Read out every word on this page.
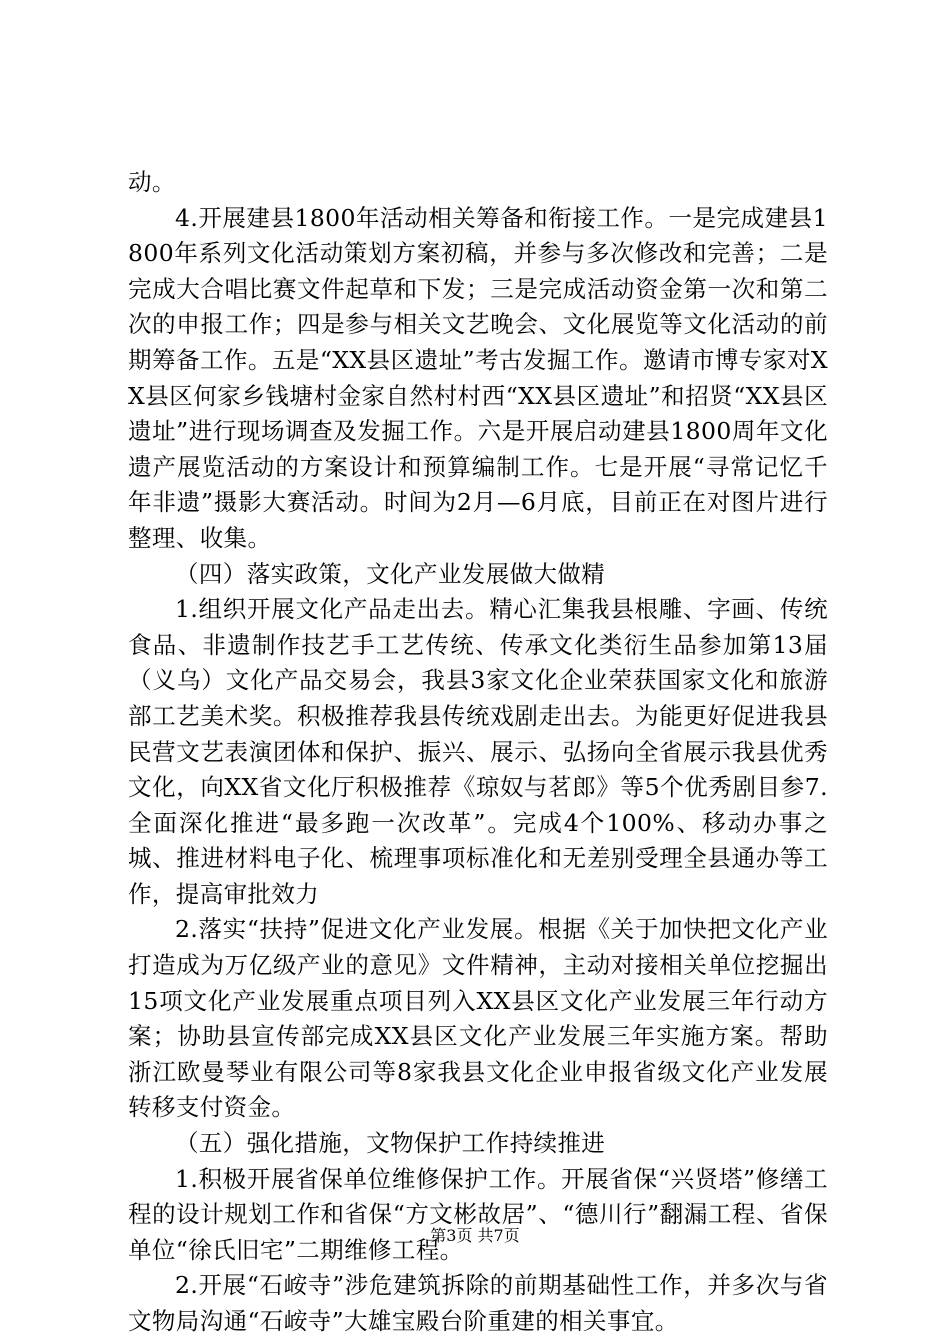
动。

4.开展建县1800年活动相关筹备和衔接工作。一是完成建县1800年系列文化活动策划方案初稿，并参与多次修改和完善；二是完成大合唱比赛文件起草和下发；三是完成活动资金第一次和第二次的申报工作；四是参与相关文艺晚会、文化展览等文化活动的前期筹备工作。五是“XX县区遗址”考古发掘工作。邀请市博专家对XX县区何家乡钱塘村金家自然村村西“XX县区遗址”和招贤“XX县区遗址”进行现场调查及发掘工作。六是开展启动建县1800周年文化遗产展览活动的方案设计和预算编制工作。七是开展“寻常记忆千年非遗”摄影大赛活动。时间为2月—6月底，目前正在对图片进行整理、收集。

（四）落实政策，文化产业发展做大做精

1.组织开展文化产品走出去。精心汇集我县根雕、字画、传统食品、非遗制作技艺手工艺传统、传承文化类衍生品参加第13届（义乌）文化产品交易会，我县3家文化企业荣获国家文化和旅游部工艺美术奖。积极推荐我县传统戏剧走出去。为能更好促进我县民营文艺表演团体和保护、振兴、展示、弘扬向全省展示我县优秀文化，向XX省文化厅积极推荐《琼奴与茗郎》等5个优秀剧目参7.全面深化推进“最多跑一次改革”。完成4个100%、移动办事之城、推进材料电子化、梳理事项标准化和无差别受理全县通办等工作，提高审批效力

2.落实“扶持”促进文化产业发展。根据《关于加快把文化产业打造成为万亿级产业的意见》文件精神，主动对接相关单位挖掘出15项文化产业发展重点项目列入XX县区文化产业发展三年行动方案；协助县宣传部完成XX县区文化产业发展三年实施方案。帮助浙江欧曼琴业有限公司等8家我县文化企业申报省级文化产业发展转移支付资金。

（五）强化措施，文物保护工作持续推进

1.积极开展省保单位维修保护工作。开展省保“兴贤塔”修缮工程的设计规划工作和省保“方文彬故居”、“德川行”翻漏工程、省保单位“徐氏旧宅”二期维修工程。

2.开展“石峖寺”涉危建筑拆除的前期基础性工作，并多次与省文物局沟通“石峖寺”大雄宝殿台阶重建的相关事宜。

第3页 共7页
